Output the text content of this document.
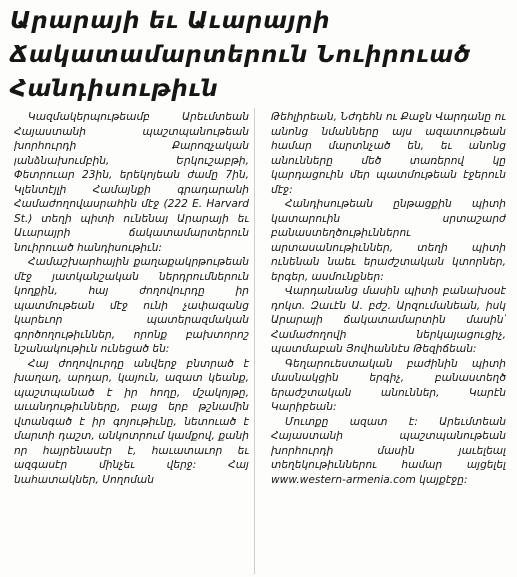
Արարայի եւ Աւարայրի
Ճակատամարտերուն Նուիրուած
Հանդիսութիւն

Կազմակերպութեամբ Արեւմտեան Հայաստանի պաշտպանութեան խորհուրդի Քարոզչական յանձնախումբին, Երկուշաբթի, Փետրուար 23ին, երեկոյեան ժամը 7ին, Կլենտէյլի Համայնքի գրադարանի Համաժողովասրահին մէջ (222 E. Harvard St.) տեղի պիտի ունենայ Արարայի եւ Աւարայրի ճակատամարտերուն նուիրուած հանդիսութիւն:

Համաշխարհային քաղաքակրթութեան մէջ յատկանշական ներդրումներուն կողքին, հայ ժողովուրդը իր պատմութեան մէջ ունի չափազանց կարեւոր պատերազմական գործողութիւններ, որոնք բախտորոշ նշանակութիւն ունեցած են:

Հայ ժողովուրդը անվերջ բնտրած է խաղաղ, արդար, կայուն, ազատ կեանք, պաշտպանած է իր հողը, մշակոյթը, աւանդութիւնները, բայց երբ թշնամին վտանգած է իր գոյութիւնը, նետուած է մարտի դաշտ, անկոտրում կամքով, քանի որ հայրենասէր է, հաւատաւոր եւ ազգասէր մինչեւ վերջ: Հայ նահատակներ, Սողոման

Թեհլիրեան, Նժդեհն ու Քաջն Վարդանը ու անոնց նմանները այս ազատութեան համար մարտնչած են, եւ անոնց անունները մեծ տառերով կը կարդացուին մեր պատմութեան էջերուն մէջ:

Հանդիսութեան ընթացքին պիտի կատարուին սրտաշարժ բանաստեղծութիւններու արտասանութիւններ, տեղի պիտի ունենան նաեւ երաժշտական կտորներ, երգեր, ասմունքներ:

Վարդանանց մասին պիտի բանախօսէ դոկտ. Զաւէն Ա. բժշ. Արզումանեան, իսկ Արարայի ճակատամարտին մասին՝ Համաժողովի ներկայացուցիչ, պատմաբան Յովհաննէս Թեզիճեան:

Գեղարուեստական բաժինին պիտի մասնակցին երգիչ, բանաստեղծ երաժշտական անուններ, Կարէն Կարիբեան:

Մուտքը ազատ է: Արեւմտեան Հայաստանի պաշտպանութեան խորհուրդի մասին յաւելեալ տեղեկութիւններու համար այցելել www.western-armenia.com կայքէջը:
